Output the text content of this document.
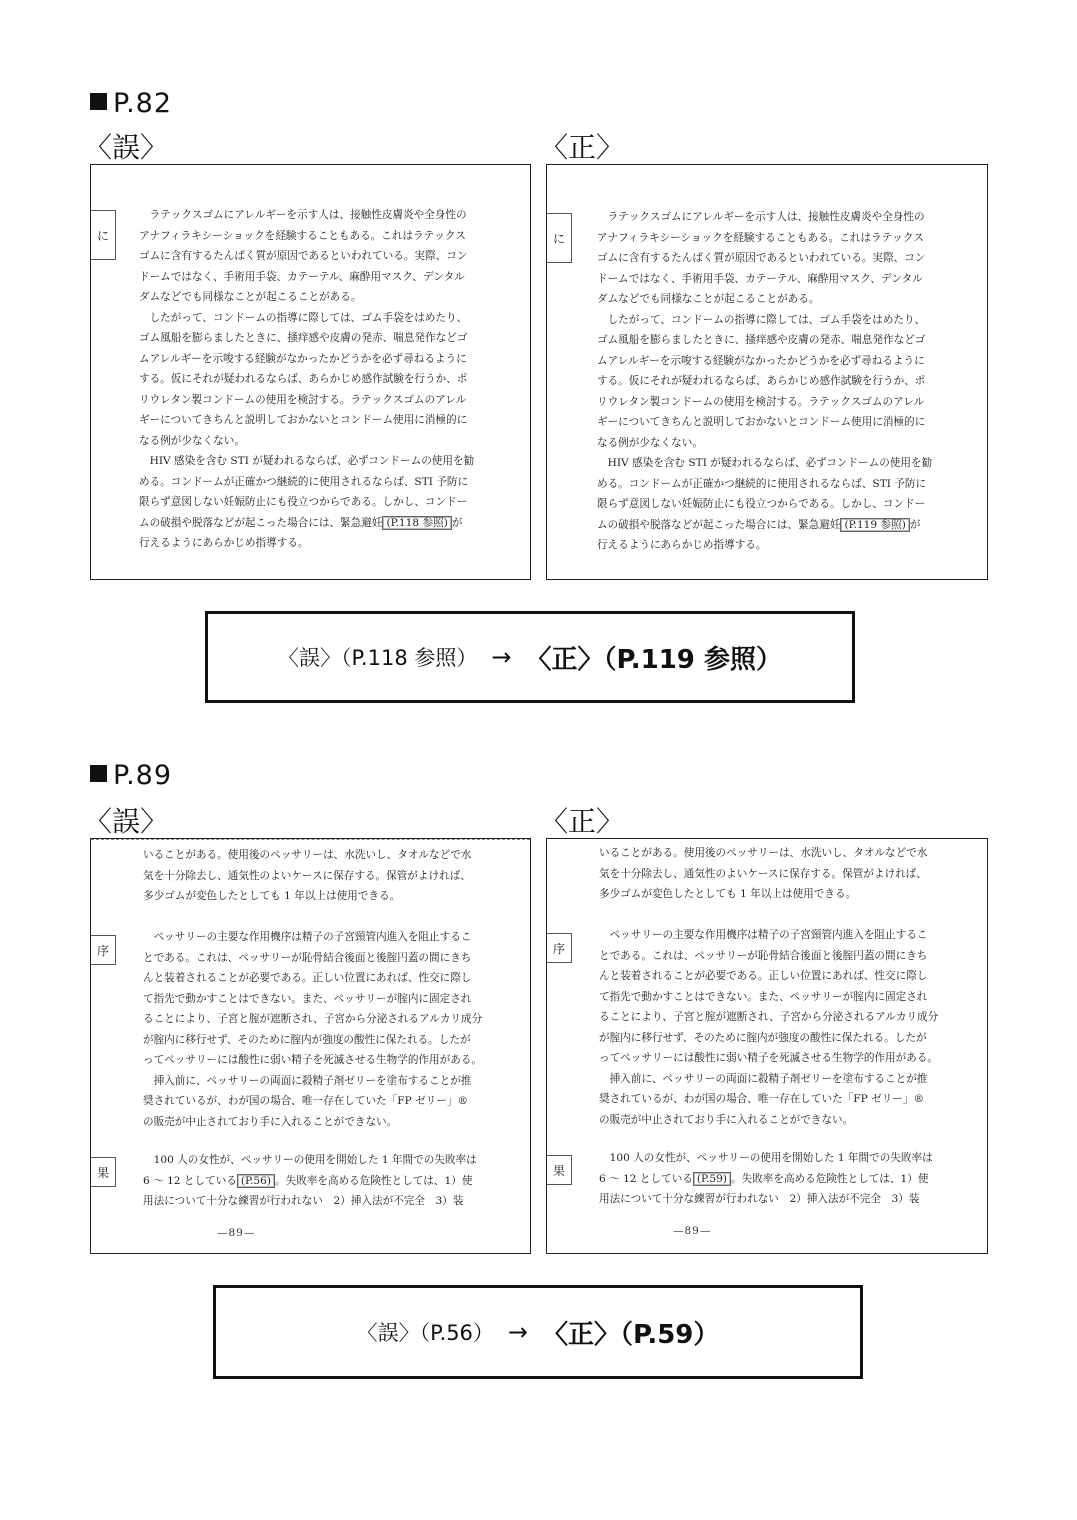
P.82
〈誤〉	〈正〉
に

　ラテックスゴムにアレルギーを示す人は、接触性皮膚炎や全身性の

アナフィラキシーショックを経験することもある。これはラテックス

ゴムに含有するたんぱく質が原因であるといわれている。実際、コン

ドームではなく、手術用手袋、カテーテル、麻酔用マスク、デンタル

ダムなどでも同様なことが起こることがある。

　したがって、コンドームの指導に際しては、ゴム手袋をはめたり、

ゴム風船を膨らましたときに、掻痒感や皮膚の発赤、喘息発作などゴ

ムアレルギーを示唆する経験がなかったかどうかを必ず尋ねるように

する。仮にそれが疑われるならば、あらかじめ感作試験を行うか、ポ

リウレタン製コンドームの使用を検討する。ラテックスゴムのアレル

ギーについてきちんと説明しておかないとコンドーム使用に消極的に

なる例が少なくない。

　HIV 感染を含む STI が疑われるならば、必ずコンドームの使用を勧

める。コンドームが正確かつ継続的に使用されるならば、STI 予防に

限らず意図しない妊娠防止にも役立つからである。しかし、コンドー

ムの破損や脱落などが起こった場合には、緊急避妊 (P.118 参照) が

行えるようにあらかじめ指導する。

に

　ラテックスゴムにアレルギーを示す人は、接触性皮膚炎や全身性の

アナフィラキシーショックを経験することもある。これはラテックス

ゴムに含有するたんぱく質が原因であるといわれている。実際、コン

ドームではなく、手術用手袋、カテーテル、麻酔用マスク、デンタル

ダムなどでも同様なことが起こることがある。

　したがって、コンドームの指導に際しては、ゴム手袋をはめたり、

ゴム風船を膨らましたときに、掻痒感や皮膚の発赤、喘息発作などゴ

ムアレルギーを示唆する経験がなかったかどうかを必ず尋ねるように

する。仮にそれが疑われるならば、あらかじめ感作試験を行うか、ポ

リウレタン製コンドームの使用を検討する。ラテックスゴムのアレル

ギーについてきちんと説明しておかないとコンドーム使用に消極的に

なる例が少なくない。

　HIV 感染を含む STI が疑われるならば、必ずコンドームの使用を勧

める。コンドームが正確かつ継続的に使用されるならば、STI 予防に

限らず意図しない妊娠防止にも役立つからである。しかし、コンドー

ムの破損や脱落などが起こった場合には、緊急避妊 (P.119 参照) が

行えるようにあらかじめ指導する。

〈誤〉（P.118 参照） → 〈正〉（P.119 参照）
P.89
〈誤〉	〈正〉
序
果

いることがある。使用後のペッサリーは、水洗いし、タオルなどで水

気を十分除去し、通気性のよいケースに保存する。保管がよければ、

多少ゴムが変色したとしても 1 年以上は使用できる。

　ペッサリーの主要な作用機序は精子の子宮頸管内進入を阻止するこ

とである。これは、ペッサリーが恥骨結合後面と後腟円蓋の間にきち

んと装着されることが必要である。正しい位置にあれば、性交に際し

て指先で動かすことはできない。また、ペッサリーが腟内に固定され

ることにより、子宮と腟が遮断され、子宮から分泌されるアルカリ成分

が腟内に移行せず、そのために腟内が強度の酸性に保たれる。したが

ってペッサリーには酸性に弱い精子を死滅させる生物学的作用がある。

　挿入前に、ペッサリーの両面に殺精子剤ゼリーを塗布することが推

奨されているが、わが国の場合、唯一存在していた「FP ゼリー」®

の販売が中止されており手に入れることができない。

　100 人の女性が、ペッサリーの使用を開始した 1 年間での失敗率は

6 〜 12 としている (P.56) 。失敗率を高める危険性としては、1）使

用法について十分な練習が行われない　2）挿入法が不完全　3）装

—89—
序
果

いることがある。使用後のペッサリーは、水洗いし、タオルなどで水

気を十分除去し、通気性のよいケースに保存する。保管がよければ、

多少ゴムが変色したとしても 1 年以上は使用できる。

　ペッサリーの主要な作用機序は精子の子宮頸管内進入を阻止するこ

とである。これは、ペッサリーが恥骨結合後面と後腟円蓋の間にきち

んと装着されることが必要である。正しい位置にあれば、性交に際し

て指先で動かすことはできない。また、ペッサリーが腟内に固定され

ることにより、子宮と腟が遮断され、子宮から分泌されるアルカリ成分

が腟内に移行せず、そのために腟内が強度の酸性に保たれる。したが

ってペッサリーには酸性に弱い精子を死滅させる生物学的作用がある。

　挿入前に、ペッサリーの両面に殺精子剤ゼリーを塗布することが推

奨されているが、わが国の場合、唯一存在していた「FP ゼリー」®

の販売が中止されており手に入れることができない。

　100 人の女性が、ペッサリーの使用を開始した 1 年間での失敗率は

6 〜 12 としている (P.59) 。失敗率を高める危険性としては、1）使

用法について十分な練習が行われない　2）挿入法が不完全　3）装

—89—
〈誤〉（P.56） → 〈正〉（P.59）
